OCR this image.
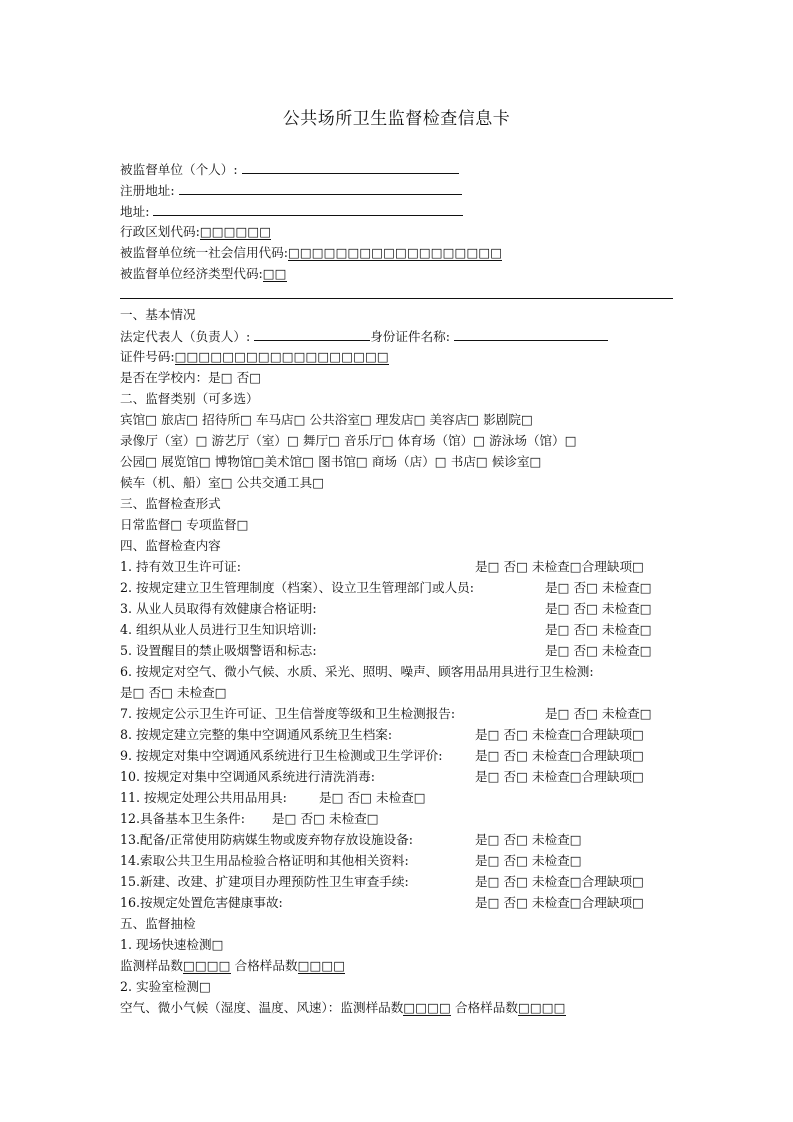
公共场所卫生监督检查信息卡
被监督单位（个人）:
注册地址:
地址:
行政区划代码:□□□□□□
被监督单位统一社会信用代码:□□□□□□□□□□□□□□□□□□
被监督单位经济类型代码:□□
一、基本情况
法定代表人（负责人）:	身份证件名称:
证件号码:□□□□□□□□□□□□□□□□□□
是否在学校内：是□ 否□
二、监督类别（可多选）
宾馆□ 旅店□ 招待所□ 车马店□ 公共浴室□ 理发店□ 美容店□ 影剧院□
录像厅（室）□ 游艺厅（室）□ 舞厅□ 音乐厅□ 体育场（馆）□ 游泳场（馆）□
公园□ 展览馆□ 博物馆□美术馆□ 图书馆□ 商场（店）□ 书店□ 候诊室□
候车（机、船）室□ 公共交通工具□
三、监督检查形式
日常监督□ 专项监督□
四、监督检查内容
1. 持有效卫生许可证:	是□ 否□ 未检查□合理缺项□
2. 按规定建立卫生管理制度（档案）、设立卫生管理部门或人员:	是□ 否□ 未检查□
3. 从业人员取得有效健康合格证明:	是□ 否□ 未检查□
4. 组织从业人员进行卫生知识培训:	是□ 否□ 未检查□
5. 设置醒目的禁止吸烟警语和标志:	是□ 否□ 未检查□
6. 按规定对空气、微小气候、水质、采光、照明、噪声、顾客用品用具进行卫生检测:
是□ 否□ 未检查□
7. 按规定公示卫生许可证、卫生信誉度等级和卫生检测报告:	是□ 否□ 未检查□
8. 按规定建立完整的集中空调通风系统卫生档案:	是□ 否□ 未检查□合理缺项□
9. 按规定对集中空调通风系统进行卫生检测或卫生学评价:	是□ 否□ 未检查□合理缺项□
10. 按规定对集中空调通风系统进行清洗消毒:	是□ 否□ 未检查□合理缺项□
11. 按规定处理公共用品用具:	是□ 否□ 未检查□
12.具备基本卫生条件: 是□ 否□ 未检查□
13.配备/正常使用防病媒生物或废弃物存放设施设备:	是□ 否□ 未检查□
14.索取公共卫生用品检验合格证明和其他相关资料:	是□ 否□ 未检查□
15.新建、改建、扩建项目办理预防性卫生审查手续:	是□ 否□ 未检查□合理缺项□
16.按规定处置危害健康事故:	是□ 否□ 未检查□合理缺项□
五、监督抽检
1. 现场快速检测□
监测样品数□□□□ 合格样品数□□□□
2. 实验室检测□
空气、微小气候（湿度、温度、风速）：监测样品数□□□□ 合格样品数□□□□
